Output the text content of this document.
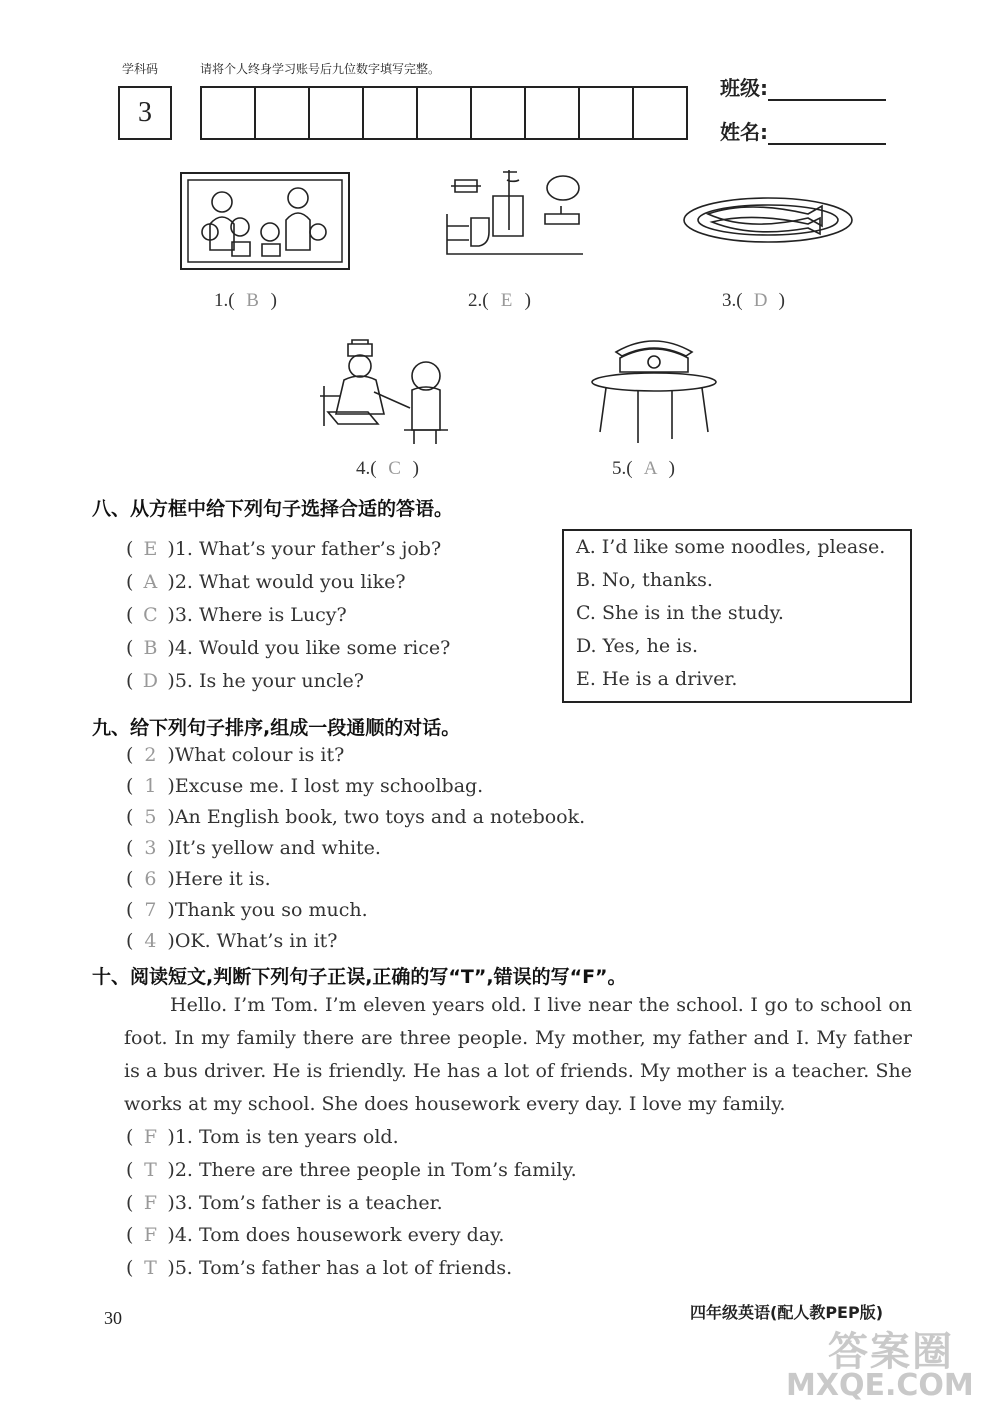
学科码	请将个人终身学习账号后九位数字填写完整。
3
班级:
姓名:
1.( B )	2.( E )	3.( D )
4.( C )	5.( A )
八、从方框中给下列句子选择合适的答语。
( E )1. What’s your father’s job?
( A )2. What would you like?
( C )3. Where is Lucy?
( B )4. Would you like some rice?
( D )5. Is he your uncle?
A. I’d like some noodles, please.
B. No, thanks.
C. She is in the study.
D. Yes, he is.
E. He is a driver.
九、给下列句子排序,组成一段通顺的对话。
( 2 )What colour is it?
( 1 )Excuse me. I lost my schoolbag.
( 5 )An English book, two toys and a notebook.
( 3 )It’s yellow and white.
( 6 )Here it is.
( 7 )Thank you so much.
( 4 )OK. What’s in it?
十、阅读短文,判断下列句子正误,正确的写“T”,错误的写“F”。
Hello. I’m Tom. I’m eleven years old. I live near the school. I go to school on foot. In my family there are three people. My mother, my father and I. My father is a bus driver. He is friendly. He has a lot of friends. My mother is a teacher. She works at my school. She does housework every day. I love my family.
( F )1. Tom is ten years old.
( T )2. There are three people in Tom’s family.
( F )3. Tom’s father is a teacher.
( F )4. Tom does housework every day.
( T )5. Tom’s father has a lot of friends.
30	四年级英语(配人教PEP版)
答案圈
MXQE.COM
